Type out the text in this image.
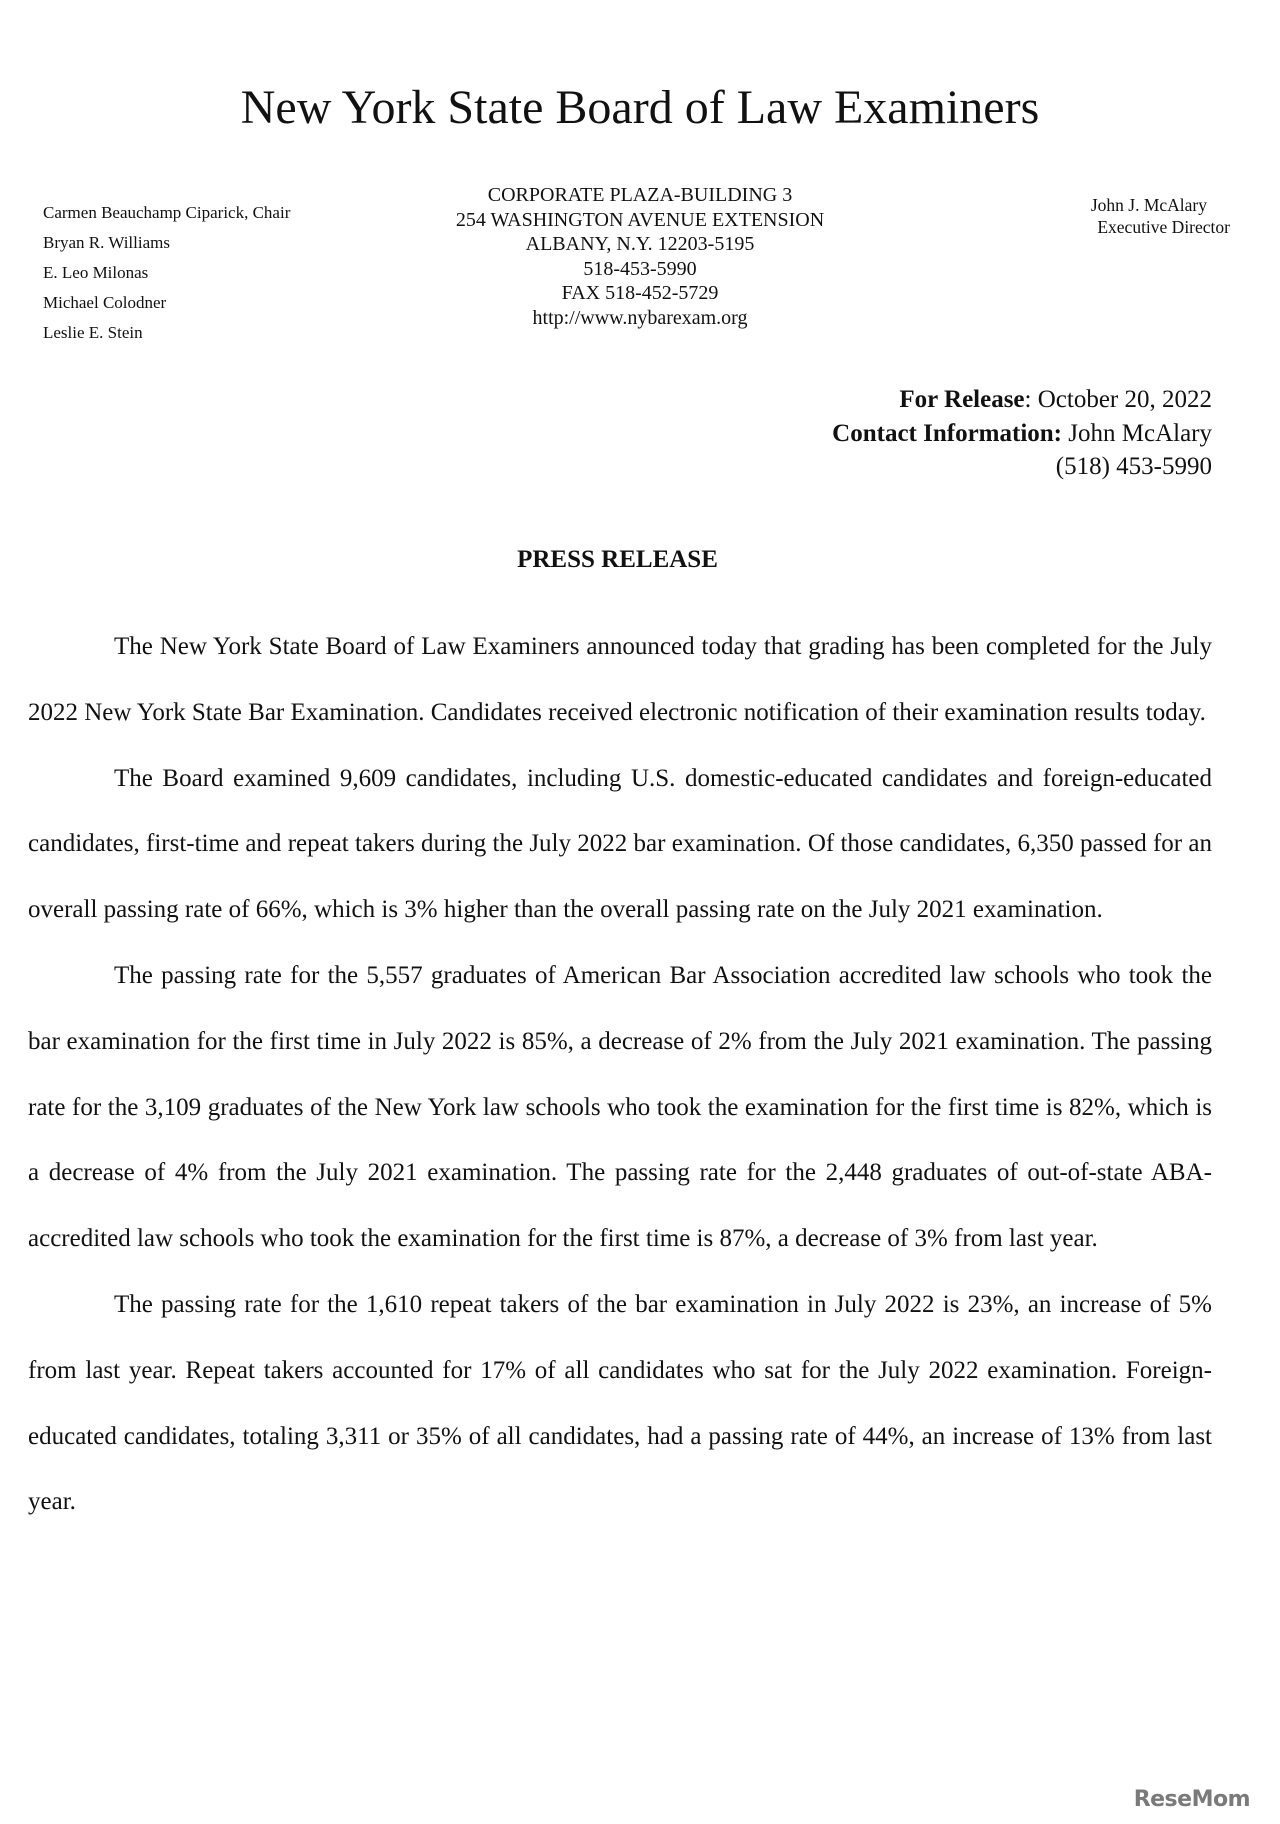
New York State Board of Law Examiners
Carmen Beauchamp Ciparick, Chair
Bryan R. Williams
E. Leo Milonas
Michael Colodner
Leslie E. Stein
CORPORATE PLAZA-BUILDING 3
254 WASHINGTON AVENUE EXTENSION
ALBANY, N.Y. 12203-5195
518-453-5990
FAX 518-452-5729
http://www.nybarexam.org
John J. McAlary
Executive Director
For Release: October 20, 2022
Contact Information: John McAlary
(518) 453-5990
PRESS RELEASE

The New York State Board of Law Examiners announced today that grading has been completed for the July 2022 New York State Bar Examination. Candidates received electronic notification of their examination results today.

The Board examined 9,609 candidates, including U.S. domestic-educated candidates and foreign-educated candidates, first-time and repeat takers during the July 2022 bar examination. Of those candidates, 6,350 passed for an overall passing rate of 66%, which is 3% higher than the overall passing rate on the July 2021 examination.

The passing rate for the 5,557 graduates of American Bar Association accredited law schools who took the bar examination for the first time in July 2022 is 85%, a decrease of 2% from the July 2021 examination. The passing rate for the 3,109 graduates of the New York law schools who took the examination for the first time is 82%, which is a decrease of 4% from the July 2021 examination. The passing rate for the 2,448 graduates of out-of-state ABA-accredited law schools who took the examination for the first time is 87%, a decrease of 3% from last year.

The passing rate for the 1,610 repeat takers of the bar examination in July 2022 is 23%, an increase of 5% from last year. Repeat takers accounted for 17% of all candidates who sat for the July 2022 examination. Foreign-educated candidates, totaling 3,311 or 35% of all candidates, had a passing rate of 44%, an increase of 13% from last year.

ReseMom
